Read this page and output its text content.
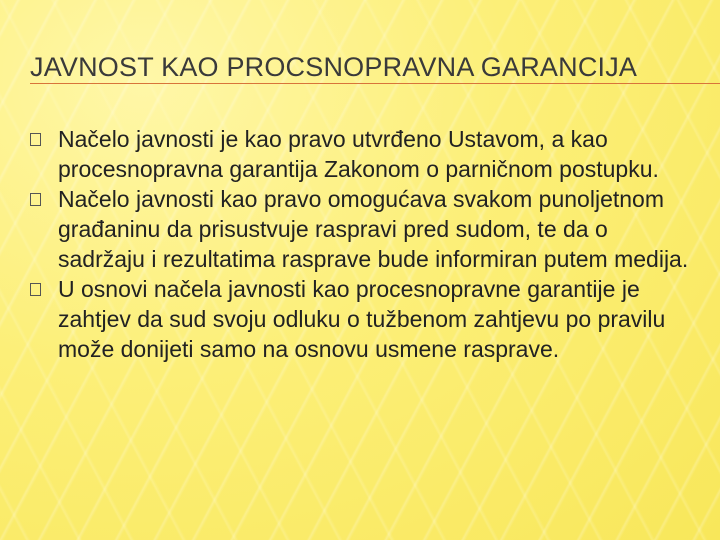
JAVNOST KAO PROCSNOPRAVNA GARANCIJA
Načelo javnosti je kao pravo utvrđeno Ustavom, a kao procesnopravna garantija Zakonom o parničnom postupku.
Načelo javnosti kao pravo omogućava svakom punoljetnom građaninu da prisustvuje raspravi pred sudom, te da o sadržaju i rezultatima rasprave bude informiran putem medija.
U osnovi načela javnosti kao procesnopravne garantije je zahtjev da sud svoju odluku o tužbenom zahtjevu po pravilu može donijeti samo na osnovu usmene rasprave.
